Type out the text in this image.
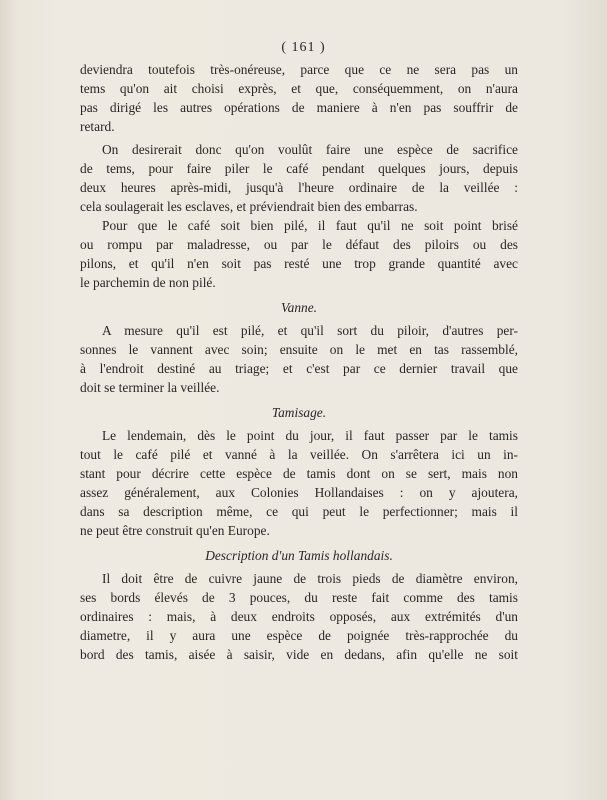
( 161 )
deviendra toutefois très-onéreuse, parce que ce ne sera pas un
tems qu'on ait choisi exprès, et que, conséquemment, on n'aura
pas dirigé les autres opérations de maniere à n'en pas souffrir de
retard.
On desirerait donc qu'on voulût faire une espèce de sacrifice
de tems, pour faire piler le café pendant quelques jours, depuis
deux heures après-midi, jusqu'à l'heure ordinaire de la veillée :
cela soulagerait les esclaves, et préviendrait bien des embarras.
Pour que le café soit bien pilé, il faut qu'il ne soit point brisé
ou rompu par maladresse, ou par le défaut des piloirs ou des
pilons, et qu'il n'en soit pas resté une trop grande quantité avec
le parchemin de non pilé.
Vanne.
A mesure qu'il est pilé, et qu'il sort du piloir, d'autres per-
sonnes le vannent avec soin; ensuite on le met en tas rassemblé,
à l'endroit destiné au triage; et c'est par ce dernier travail que
doit se terminer la veillée.
Tamisage.
Le lendemain, dès le point du jour, il faut passer par le tamis
tout le café pilé et vanné à la veillée. On s'arrêtera ici un in-
stant pour décrire cette espèce de tamis dont on se sert, mais non
assez généralement, aux Colonies Hollandaises : on y ajoutera,
dans sa description même, ce qui peut le perfectionner; mais il
ne peut être construit qu'en Europe.
Description d'un Tamis hollandais.
Il doit être de cuivre jaune de trois pieds de diamètre environ,
ses bords élevés de 3 pouces, du reste fait comme des tamis
ordinaires : mais, à deux endroits opposés, aux extrémités d'un
diametre, il y aura une espèce de poignée très-rapprochée du
bord des tamis, aisée à saisir, vide en dedans, afin qu'elle ne soit
